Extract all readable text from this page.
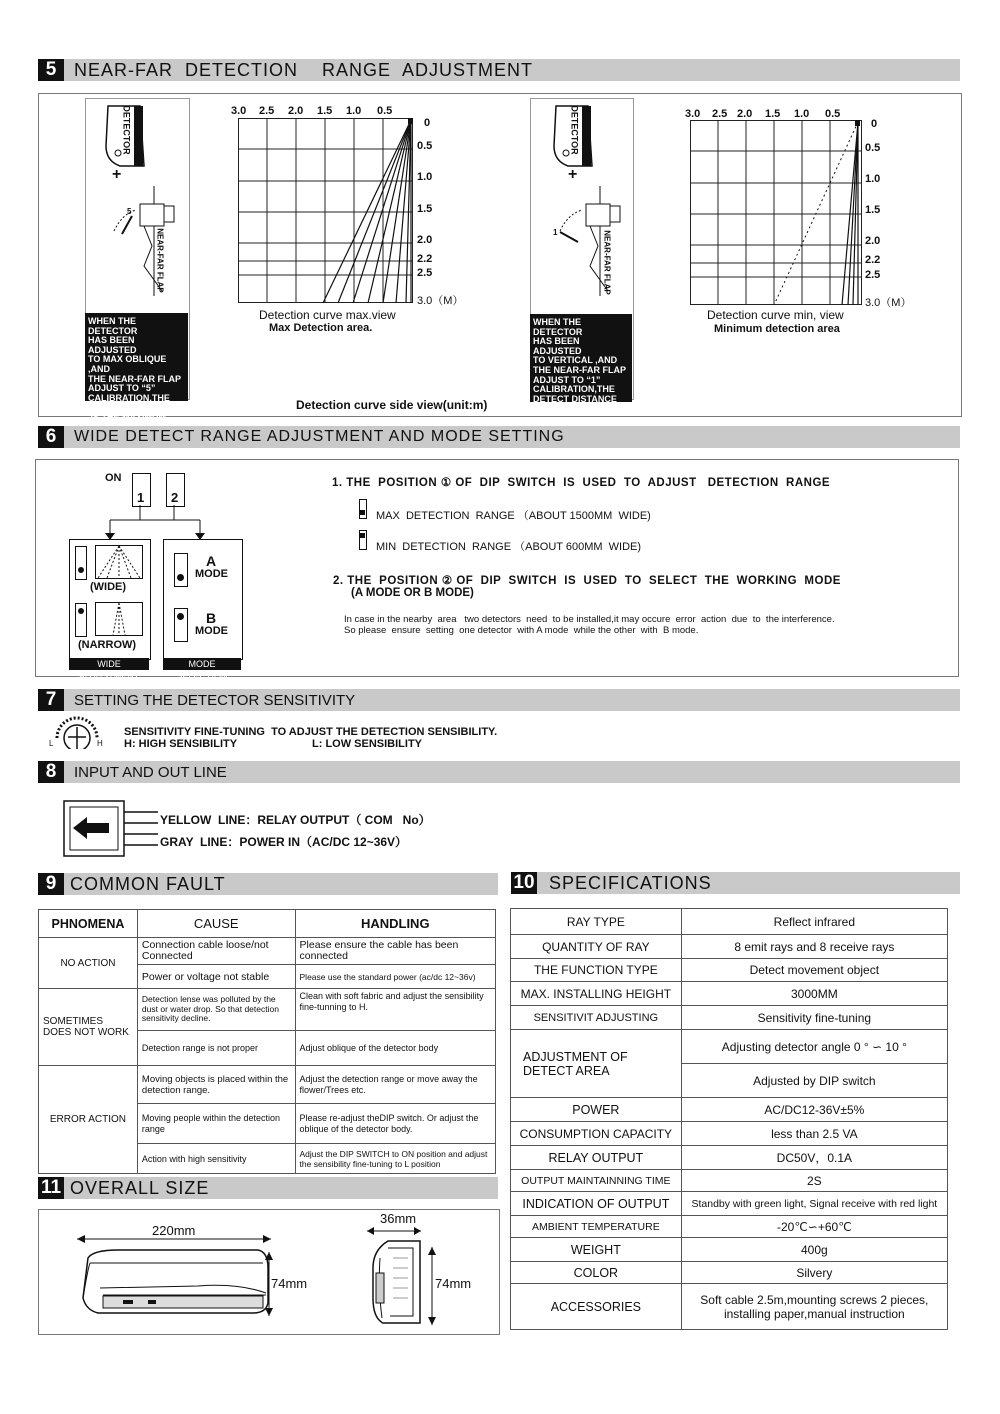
5 NEAR-FAR  DETECTION    RANGE  ADJUSTMENT
DETECTOR
+
5
NEAR-FAR FLAP
WHEN THE DETECTOR
HAS BEEN ADJUSTED
TO MAX OBLIQUE ,AND
THE NEAR-FAR FLAP
ADJUST TO “5”
CALIBRATION,THE
DETECT DISTANCE
IS THE MAXIMUM..
3.0 2.5 2.0 1.5 1.0 0.5
0
0.5
1.0
1.5
2.0
2.2
2.5
3.0（M）
Detection curve max.view
Max Detection area.
DETECTOR
+
1	NEAR-FAR FLAP
WHEN THE DETECTOR
HAS BEEN ADJUSTED
TO VERTICAL ,AND
THE NEAR-FAR FLAP
ADJUST TO “1”
CALIBRATION,THE
DETECT DISTANCE
IS THE MINIMUM
3.0 2.5 2.0 1.5 1.0 0.5
0
0.5
1.0
1.5
2.0
2.2
2.5
3.0（M）
Detection curve min, view
Minimum detection area
Detection curve side view(unit:m)
6	WIDE DETECT RANGE ADJUSTMENT AND MODE SETTING
ON
1 2
(WIDE)
(NARROW)
WIDE ADJUSTMENT
A
MODE
B
MODE
MODE SELECTION
1. THE  POSITION ① OF  DIP  SWITCH  IS  USED  TO  ADJUST   DETECTION  RANGE
MAX  DETECTION  RANGE （ABOUT 1500MM  WIDE)
MIN  DETECTION  RANGE （ABOUT 600MM  WIDE)
2. THE  POSITION ② OF  DIP  SWITCH  IS  USED  TO  SELECT  THE  WORKING  MODE
(A MODE OR B MODE)
In case in the nearby  area   two detectors  need  to be installed,it may occure  error  action  due  to  the interference.
So please  ensure  setting  one detector  with A mode  while the other  with  B mode.
7	SETTING THE DETECTOR SENSITIVITY
L	H
SENSITIVITY FINE-TUNING  TO ADJUST THE DETECTION SENSIBILITY.
H: HIGH SENSIBILITY	L: LOW SENSIBILITY
8	INPUT AND OUT LINE
YELLOW  LINE：RELAY OUTPUT（ COM   No）
GRAY  LINE：POWER IN（AC/DC 12~36V）
9 COMMON FAULT
PHNOMENA	CAUSE	HANDLING
NO ACTION	Connection cable loose/not Connected	Please ensure the cable has been connected
	Power or voltage not stable	Please use the standard power (ac/dc 12~36v)
SOMETIMES DOES NOT WORK	Detection lense was polluted by the dust or water drop. So that detection sensitivity decline.	Clean with soft fabric and adjust the sensibility fine-tunning to H.
	Detection range is not proper	Adjust oblique of the detector body
ERROR ACTION	Moving objects is placed within the detection range.	Adjust the detection range or move away the flower/Trees etc.
	Moving people within the detection range	Please re-adjust theDIP switch. Or adjust the oblique of the detector body.
	Action with high sensitivity	Adjust the DIP SWITCH to ON position and adjust the sensibility fine-tuning to L position
10 SPECIFICATIONS
RAY TYPE	Reflect infrared
QUANTITY OF RAY	8 emit rays and 8 receive rays
THE FUNCTION TYPE	Detect movement object
MAX. INSTALLING HEIGHT	3000MM
SENSITIVIT ADJUSTING	Sensitivity fine-tuning
ADJUSTMENT OF DETECT AREA	Adjusting detector angle 0 ° ∽ 10 °
	Adjusted by DIP switch
POWER	AC/DC12-36V±5%
CONSUMPTION CAPACITY	less than 2.5 VA
RELAY OUTPUT	DC50V，0.1A
OUTPUT MAINTAINNING TIME	2S
INDICATION OF OUTPUT	Standby with green light, Signal receive with red light
AMBIENT TEMPERATURE	-20℃∽+60℃
WEIGHT	400g
COLOR	Silvery
ACCESSORIES	Soft cable 2.5m,mounting screws 2 pieces, installing paper,manual instruction
11 OVERALL SIZE
220mm
74mm
36mm
74mm
